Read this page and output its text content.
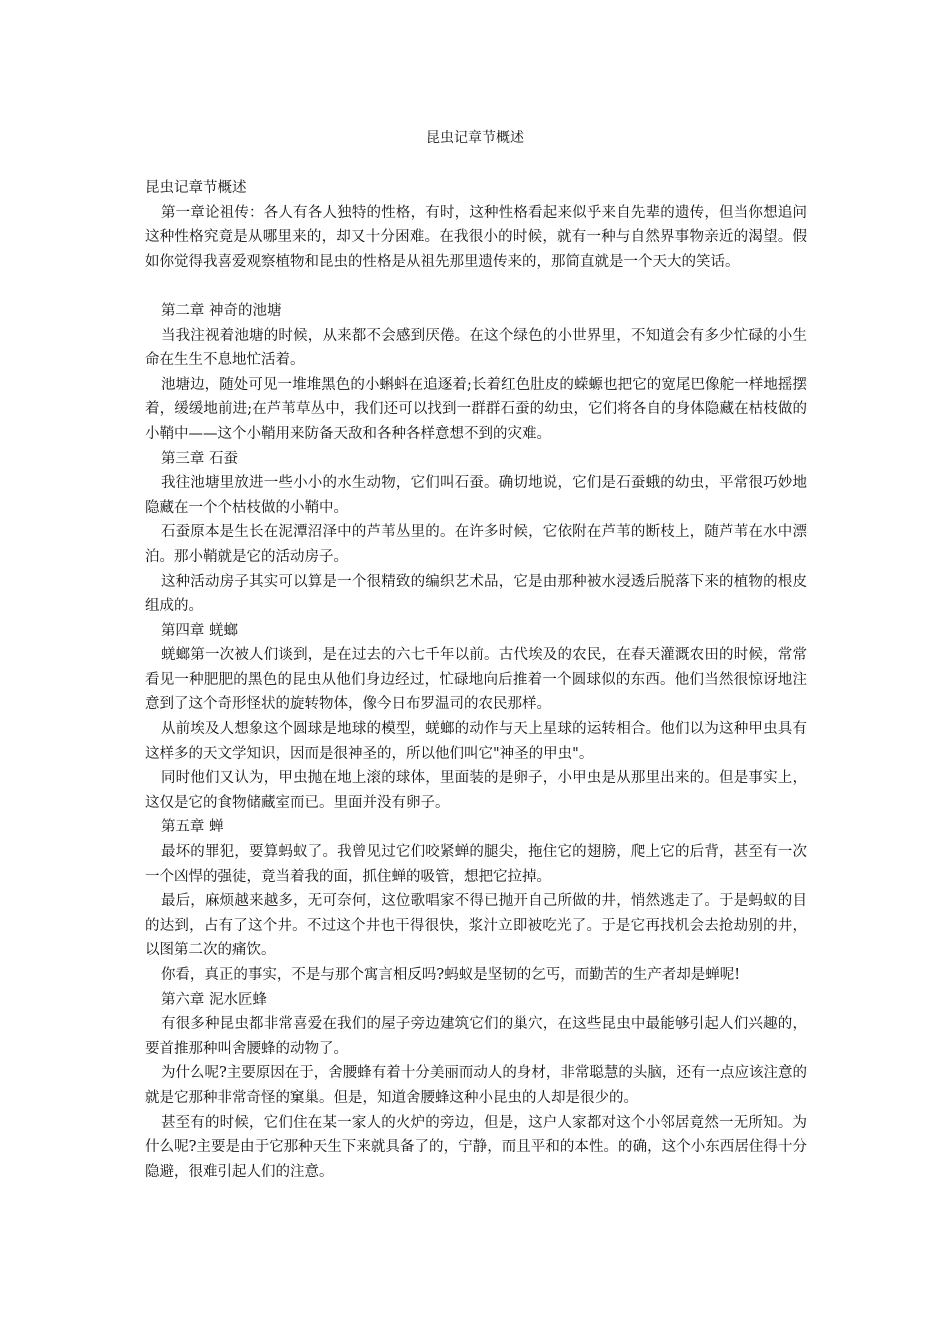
昆虫记章节概述

昆虫记章节概述

第一章论祖传：各人有各人独特的性格，有时，这种性格看起来似乎来自先辈的遗传，但当你想追问这种性格究竟是从哪里来的，却又十分困难。在我很小的时候，就有一种与自然界事物亲近的渴望。假如你觉得我喜爱观察植物和昆虫的性格是从祖先那里遗传来的，那简直就是一个天大的笑话。

第二章 神奇的池塘

当我注视着池塘的时候，从来都不会感到厌倦。在这个绿色的小世界里，不知道会有多少忙碌的小生命在生生不息地忙活着。

池塘边，随处可见一堆堆黑色的小蝌蚪在追逐着;长着红色肚皮的蝾螈也把它的宽尾巴像舵一样地摇摆着，缓缓地前进;在芦苇草丛中，我们还可以找到一群群石蚕的幼虫，它们将各自的身体隐藏在枯枝做的小鞘中——这个小鞘用来防备天敌和各种各样意想不到的灾难。

第三章 石蚕

我往池塘里放进一些小小的水生动物，它们叫石蚕。确切地说，它们是石蚕蛾的幼虫，平常很巧妙地隐藏在一个个枯枝做的小鞘中。

石蚕原本是生长在泥潭沼泽中的芦苇丛里的。在许多时候，它依附在芦苇的断枝上，随芦苇在水中漂泊。那小鞘就是它的活动房子。

这种活动房子其实可以算是一个很精致的编织艺术品，它是由那种被水浸透后脱落下来的植物的根皮组成的。

第四章 蜣螂

蜣螂第一次被人们谈到，是在过去的六七千年以前。古代埃及的农民，在春天灌溉农田的时候，常常看见一种肥肥的黑色的昆虫从他们身边经过，忙碌地向后推着一个圆球似的东西。他们当然很惊讶地注意到了这个奇形怪状的旋转物体，像今日布罗温司的农民那样。

从前埃及人想象这个圆球是地球的模型，蜣螂的动作与天上星球的运转相合。他们以为这种甲虫具有这样多的天文学知识，因而是很神圣的，所以他们叫它"神圣的甲虫"。

同时他们又认为，甲虫抛在地上滚的球体，里面装的是卵子，小甲虫是从那里出来的。但是事实上，这仅是它的食物储藏室而已。里面并没有卵子。

第五章 蝉

最坏的罪犯，要算蚂蚁了。我曾见过它们咬紧蝉的腿尖，拖住它的翅膀，爬上它的后背，甚至有一次一个凶悍的强徒，竟当着我的面，抓住蝉的吸管，想把它拉掉。

最后，麻烦越来越多，无可奈何，这位歌唱家不得已抛开自己所做的井，悄然逃走了。于是蚂蚁的目的达到，占有了这个井。不过这个井也干得很快，浆汁立即被吃光了。于是它再找机会去抢劫别的井，以图第二次的痛饮。

你看，真正的事实，不是与那个寓言相反吗?蚂蚁是坚韧的乞丐，而勤苦的生产者却是蝉呢!

第六章 泥水匠蜂

有很多种昆虫都非常喜爱在我们的屋子旁边建筑它们的巢穴，在这些昆虫中最能够引起人们兴趣的，要首推那种叫舍腰蜂的动物了。

为什么呢?主要原因在于，舍腰蜂有着十分美丽而动人的身材，非常聪慧的头脑，还有一点应该注意的就是它那种非常奇怪的窠巢。但是，知道舍腰蜂这种小昆虫的人却是很少的。

甚至有的时候，它们住在某一家人的火炉的旁边，但是，这户人家都对这个小邻居竟然一无所知。为什么呢?主要是由于它那种天生下来就具备了的，宁静，而且平和的本性。的确，这个小东西居住得十分隐避，很难引起人们的注意。
